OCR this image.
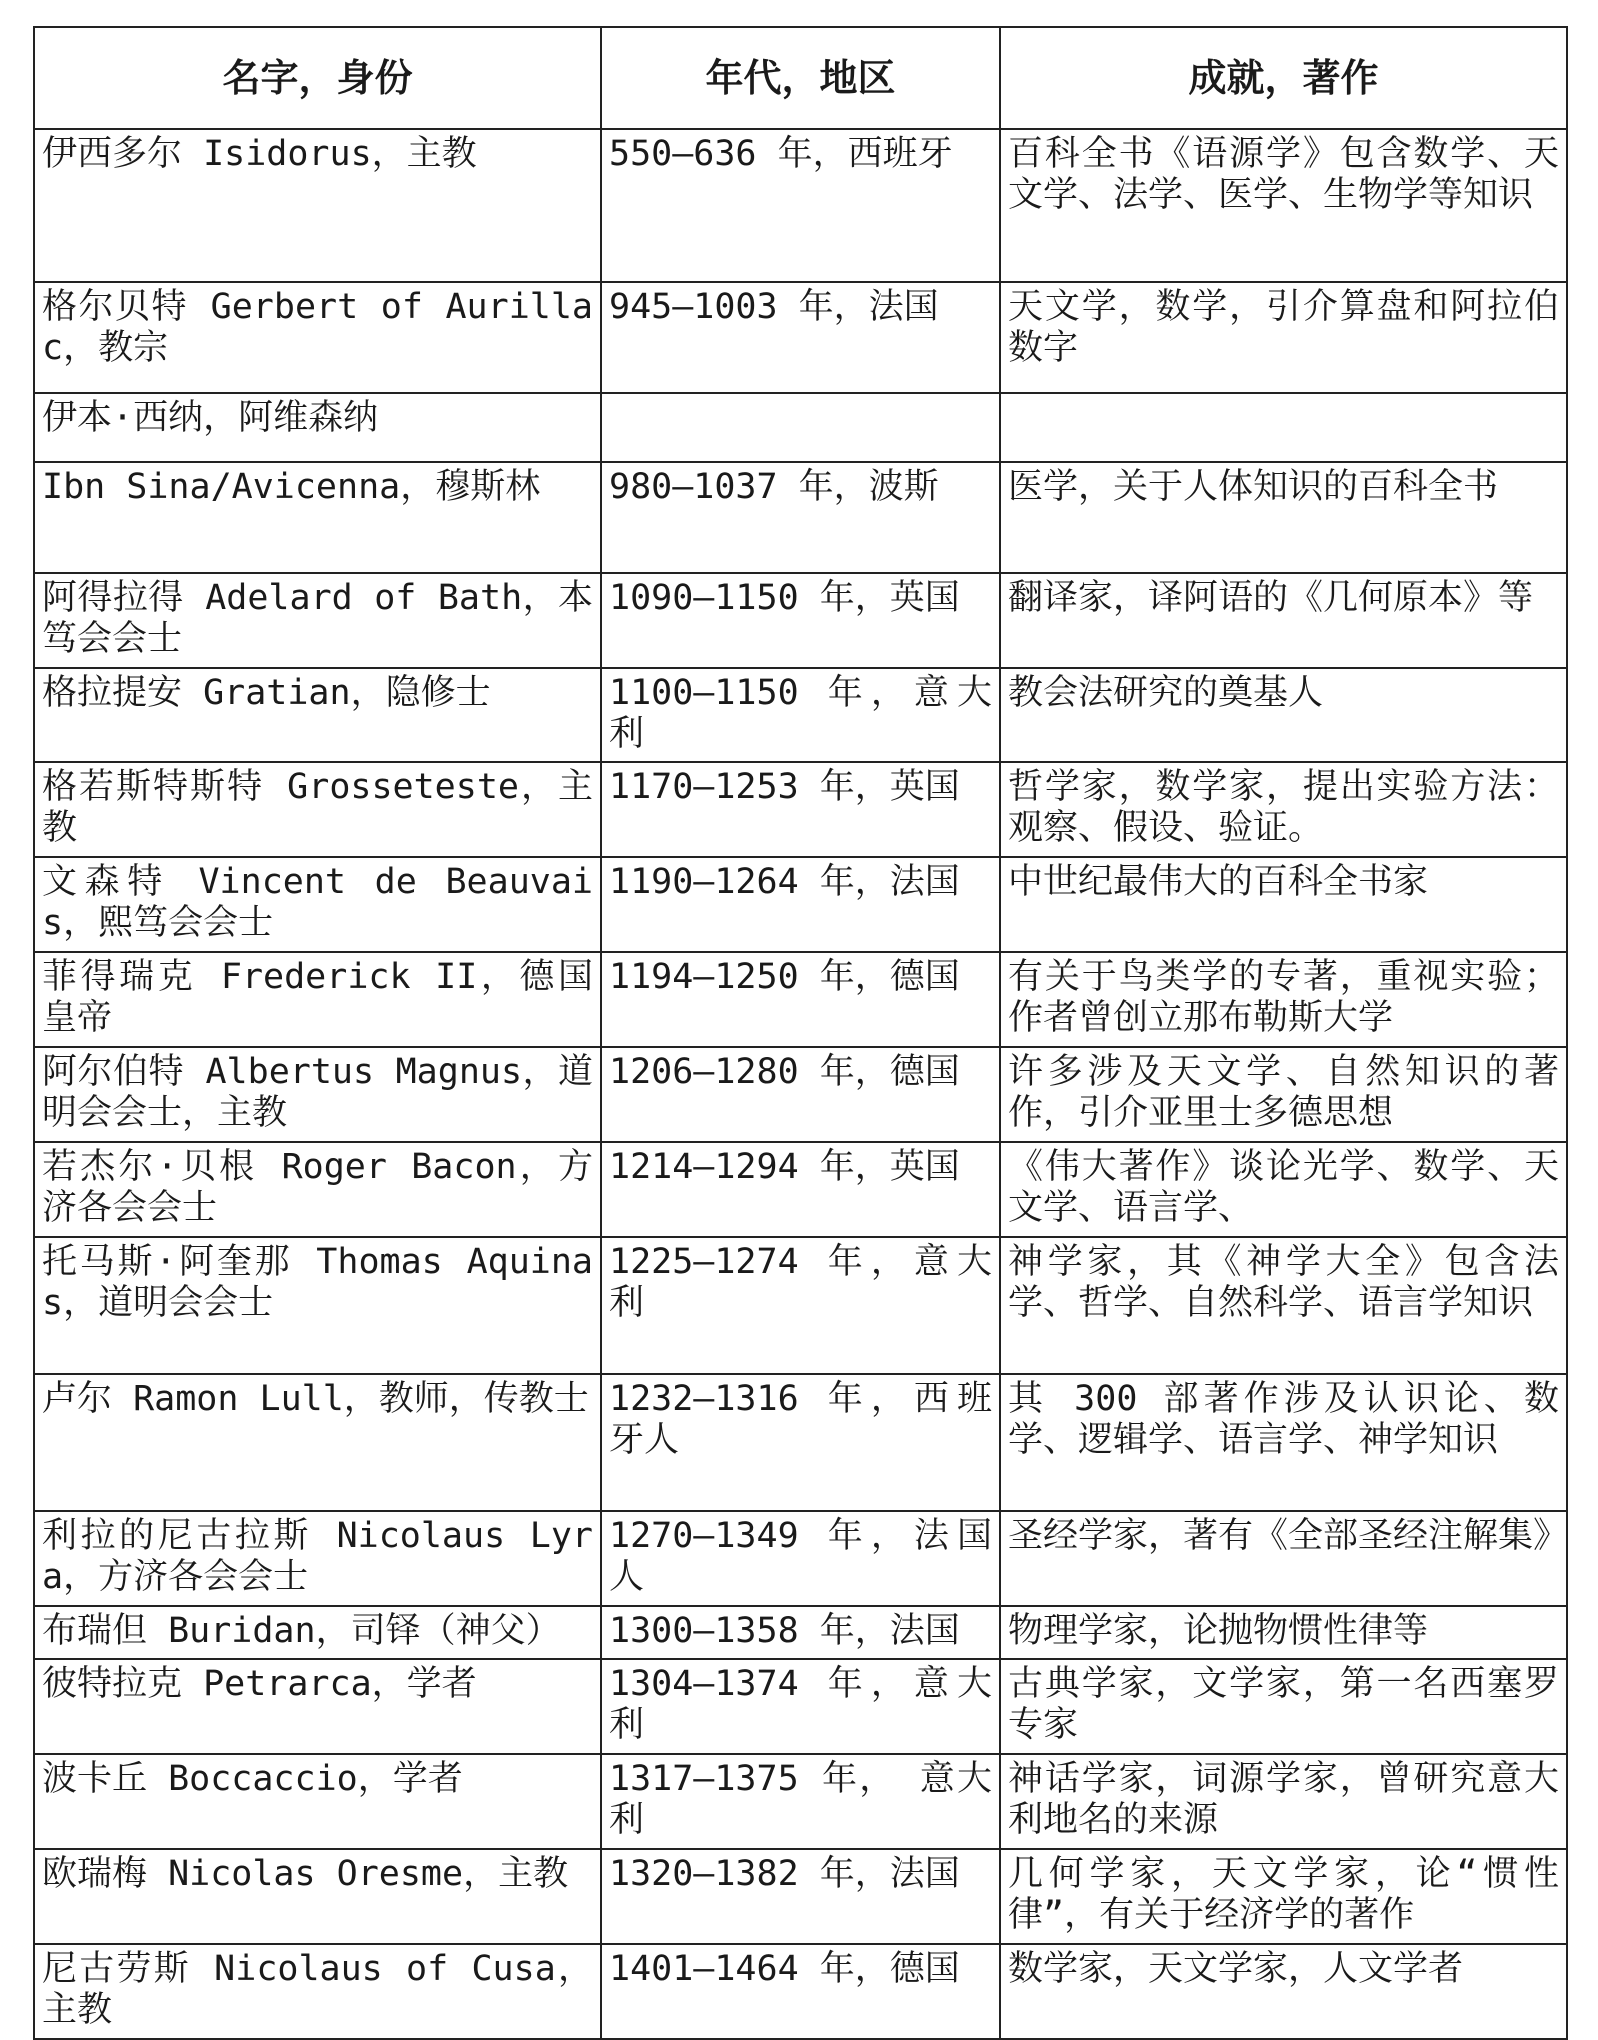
名字，身份	年代，地区	成就，著作
伊西多尔 Isidorus，主教	550–636 年，西班牙	百科全书《语源学》包含数学、天文学、法学、医学、生物学等知识
格尔贝特 Gerbert of Aurillac，教宗	945–1003 年，法国	天文学，数学，引介算盘和阿拉伯数字
伊本·西纳，阿维森纳		
Ibn Sina/Avicenna，穆斯林	980–1037 年，波斯	医学，关于人体知识的百科全书
阿得拉得 Adelard of Bath，本笃会会士	1090–1150 年，英国	翻译家，译阿语的《几何原本》等
格拉提安 Gratian，隐修士	1100–1150 年，意大利	教会法研究的奠基人
格若斯特斯特 Grosseteste，主教	1170–1253 年，英国	哲学家，数学家，提出实验方法：观察、假设、验证。
文森特 Vincent de Beauvais，熙笃会会士	1190–1264 年，法国	中世纪最伟大的百科全书家
菲得瑞克 Frederick II，德国皇帝	1194–1250 年，德国	有关于鸟类学的专著，重视实验；作者曾创立那布勒斯大学
阿尔伯特 Albertus Magnus，道明会会士，主教	1206–1280 年，德国	许多涉及天文学、自然知识的著作，引介亚里士多德思想
若杰尔·贝根 Roger Bacon，方济各会会士	1214–1294 年，英国	《伟大著作》谈论光学、数学、天文学、语言学、
托马斯·阿奎那 Thomas Aquinas，道明会会士	1225–1274 年，意大利	神学家，其《神学大全》包含法学、哲学、自然科学、语言学知识
卢尔 Ramon Lull，教师，传教士	1232–1316 年，西班牙人	其 300 部著作涉及认识论、数学、逻辑学、语言学、神学知识
利拉的尼古拉斯 Nicolaus Lyra，方济各会会士	1270–1349 年，法国人	圣经学家，著有《全部圣经注解集》
布瑞但 Buridan，司铎（神父）	1300–1358 年，法国	物理学家，论抛物惯性律等
彼特拉克 Petrarca，学者	1304–1374 年，意大利	古典学家，文学家，第一名西塞罗专家
波卡丘 Boccaccio，学者	1317–1375 年， 意大利	神话学家，词源学家，曾研究意大利地名的来源
欧瑞梅 Nicolas Oresme，主教	1320–1382 年，法国	几何学家，天文学家，论“惯性律”，有关于经济学的著作
尼古劳斯 Nicolaus of Cusa，主教	1401–1464 年，德国	数学家，天文学家，人文学者
